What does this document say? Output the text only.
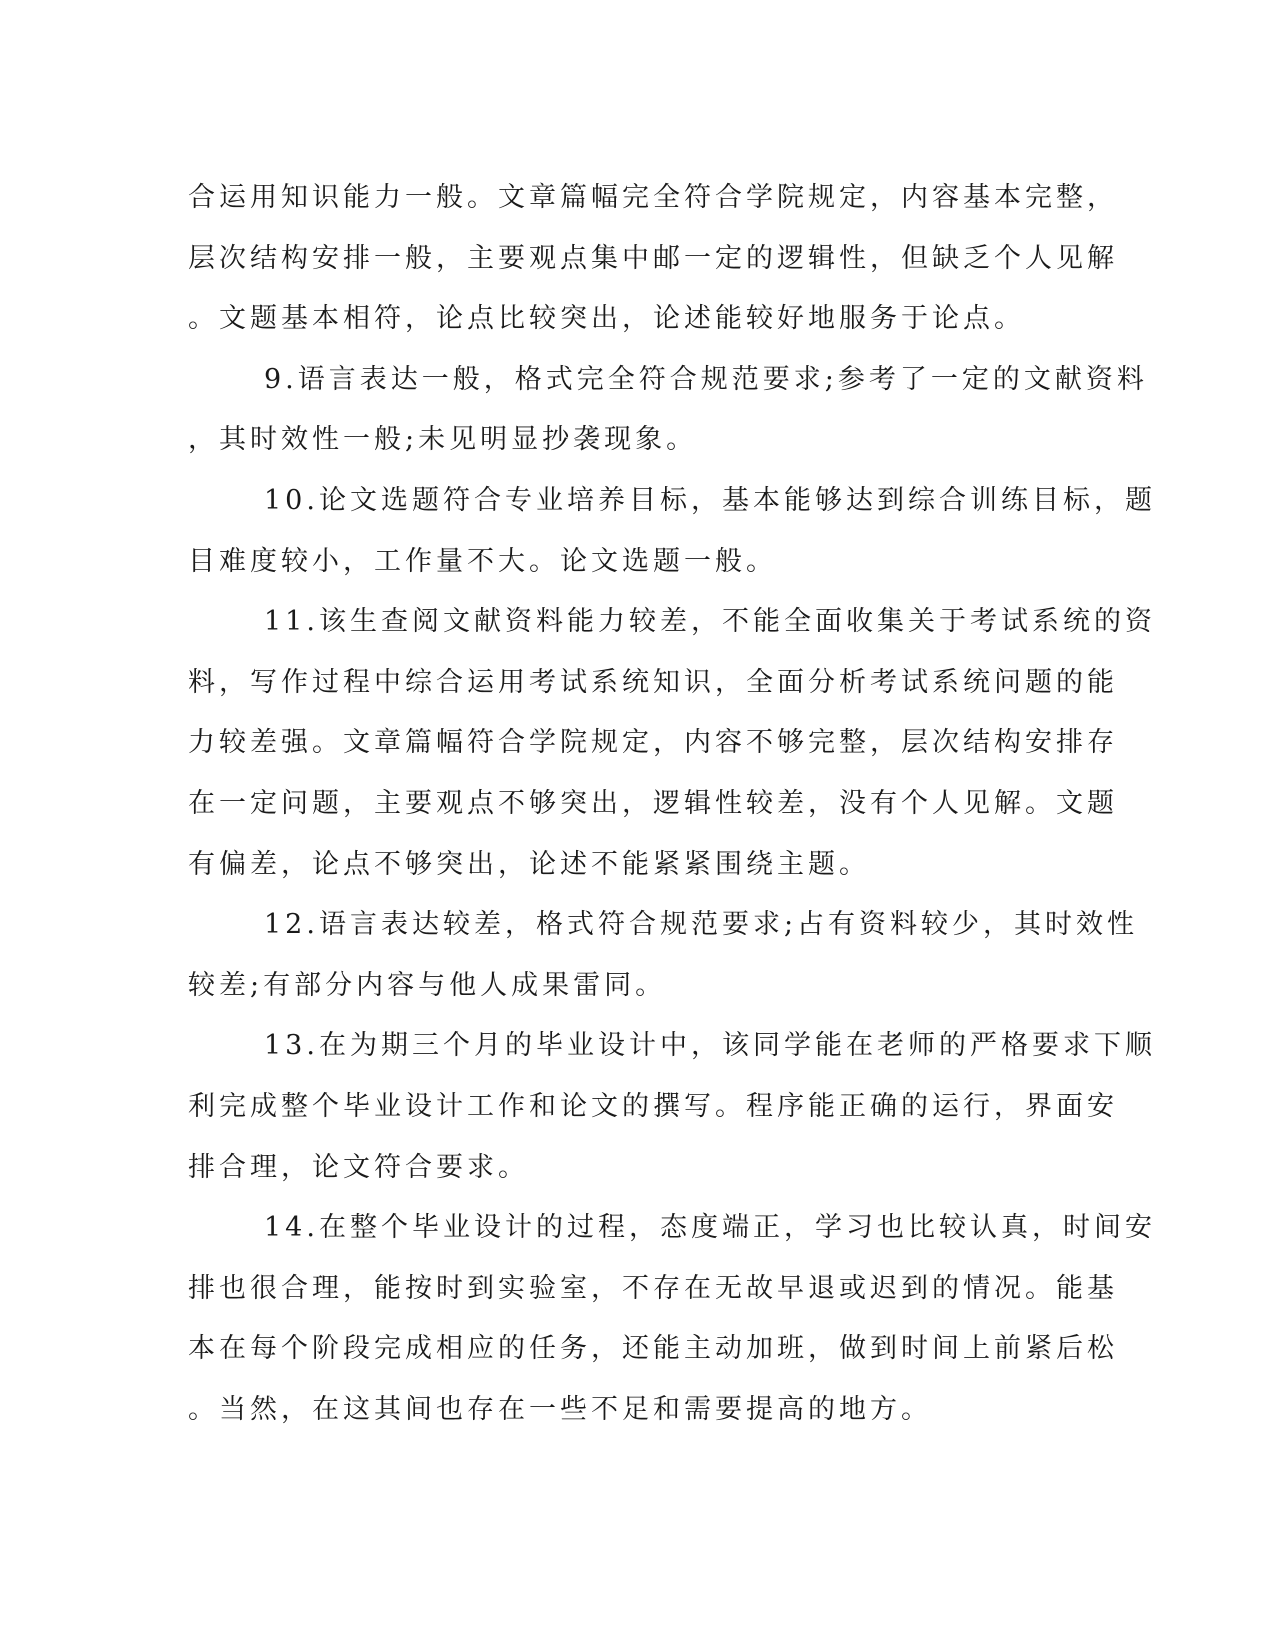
合运用知识能力一般。文章篇幅完全符合学院规定，内容基本完整，
层次结构安排一般，主要观点集中邮一定的逻辑性，但缺乏个人见解
。文题基本相符，论点比较突出，论述能较好地服务于论点。
9.语言表达一般，格式完全符合规范要求;参考了一定的文献资料
，其时效性一般;未见明显抄袭现象。
10.论文选题符合专业培养目标，基本能够达到综合训练目标，题
目难度较小，工作量不大。论文选题一般。
11.该生查阅文献资料能力较差，不能全面收集关于考试系统的资
料，写作过程中综合运用考试系统知识，全面分析考试系统问题的能
力较差强。文章篇幅符合学院规定，内容不够完整，层次结构安排存
在一定问题，主要观点不够突出，逻辑性较差，没有个人见解。文题
有偏差，论点不够突出，论述不能紧紧围绕主题。
12.语言表达较差，格式符合规范要求;占有资料较少，其时效性
较差;有部分内容与他人成果雷同。
13.在为期三个月的毕业设计中，该同学能在老师的严格要求下顺
利完成整个毕业设计工作和论文的撰写。程序能正确的运行，界面安
排合理，论文符合要求。
14.在整个毕业设计的过程，态度端正，学习也比较认真，时间安
排也很合理，能按时到实验室，不存在无故早退或迟到的情况。能基
本在每个阶段完成相应的任务，还能主动加班，做到时间上前紧后松
。当然，在这其间也存在一些不足和需要提高的地方。
